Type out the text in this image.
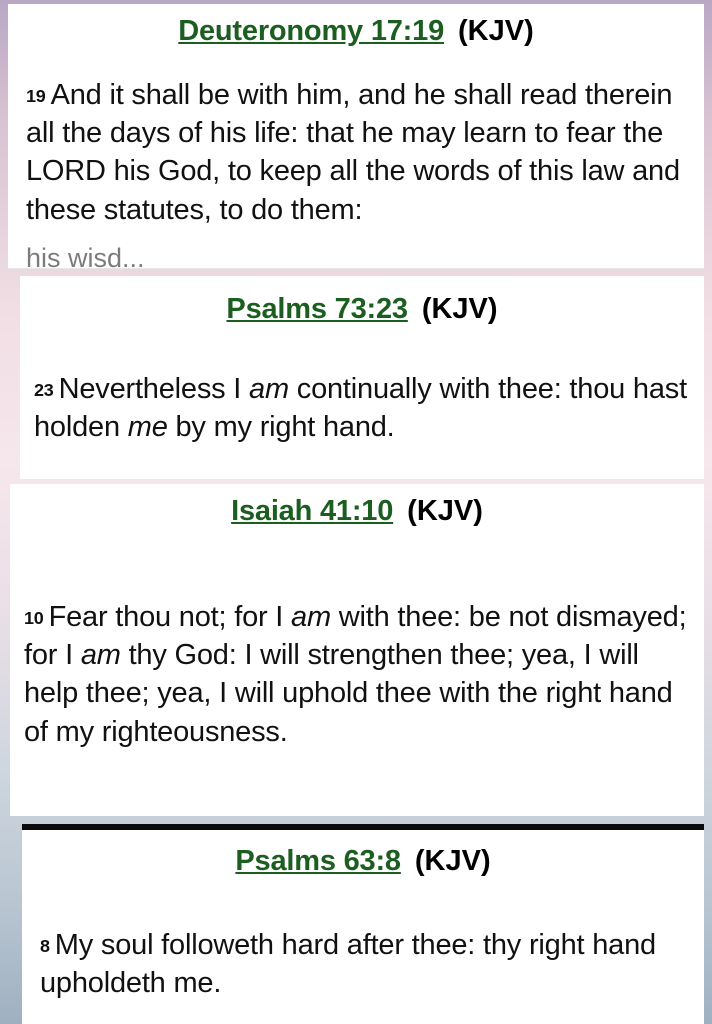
Deuteronomy 17:19 (KJV)
19 And it shall be with him, and he shall read therein all the days of his life: that he may learn to fear the LORD his God, to keep all the words of this law and these statutes, to do them:
his wisd...
Psalms 73:23 (KJV)
23 Nevertheless I am continually with thee: thou hast holden me by my right hand.
Isaiah 41:10 (KJV)
10 Fear thou not; for I am with thee: be not dismayed; for I am thy God: I will strengthen thee; yea, I will help thee; yea, I will uphold thee with the right hand of my righteousness.
Psalms 63:8 (KJV)
8 My soul followeth hard after thee: thy right hand upholdeth me.
